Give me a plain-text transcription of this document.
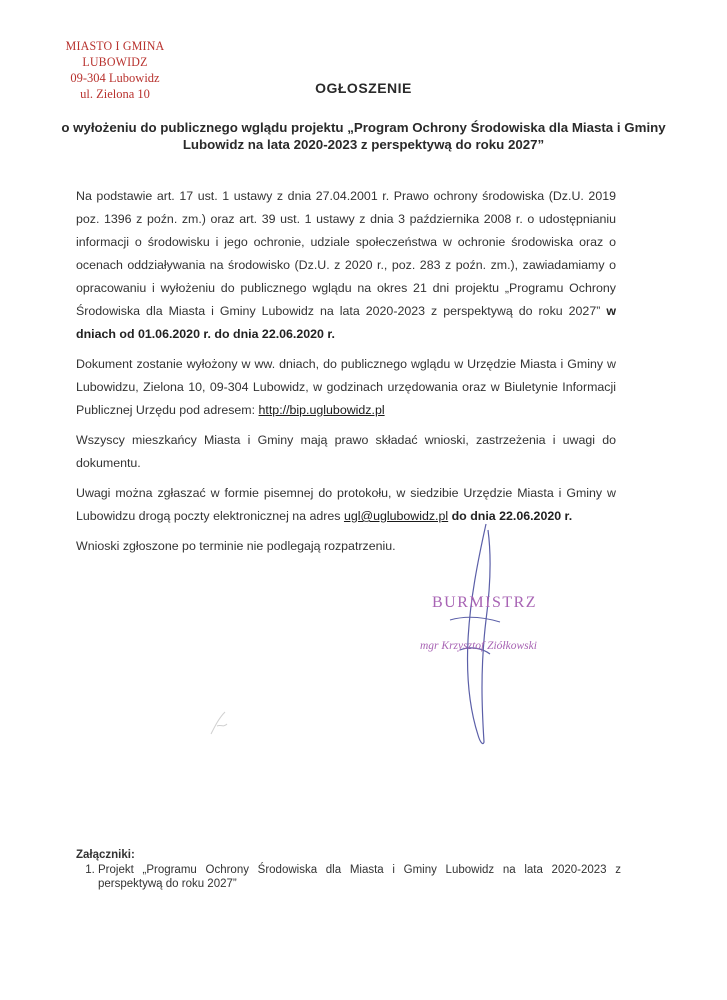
MIASTO I GMINA LUBOWIDZ
09-304 Lubowidz
ul. Zielona 10	OGŁOSZENIE
o wyłożeniu do publicznego wglądu projektu „Program Ochrony Środowiska dla Miasta i Gminy Lubowidz na lata 2020-2023 z perspektywą do roku 2027”

Na podstawie art. 17 ust. 1 ustawy z dnia 27.04.2001 r. Prawo ochrony środowiska (Dz.U. 2019 poz. 1396 z poźn. zm.) oraz art. 39 ust. 1 ustawy z dnia 3 października 2008 r. o udostępnianiu informacji o środowisku i jego ochronie, udziale społeczeństwa w ochronie środowiska oraz o ocenach oddziaływania na środowisko (Dz.U. z 2020 r., poz. 283 z poźn. zm.), zawiadamiamy o opracowaniu i wyłożeniu do publicznego wglądu na okres 21 dni projektu „Programu Ochrony Środowiska dla Miasta i Gminy Lubowidz na lata 2020-2023 z perspektywą do roku 2027” w dniach od 01.06.2020 r. do dnia 22.06.2020 r.

Dokument zostanie wyłożony w ww. dniach, do publicznego wglądu w Urzędzie Miasta i Gminy w Lubowidzu, Zielona 10, 09-304 Lubowidz, w godzinach urzędowania oraz w Biuletynie Informacji Publicznej Urzędu pod adresem: http://bip.uglubowidz.pl

Wszyscy mieszkańcy Miasta i Gminy mają prawo składać wnioski, zastrzeżenia i uwagi do dokumentu.

Uwagi można zgłaszać w formie pisemnej do protokołu, w siedzibie Urzędzie Miasta i Gminy w Lubowidzu drogą poczty elektronicznej na adres ugl@uglubowidz.pl do dnia 22.06.2020 r.

Wnioski zgłoszone po terminie nie podlegają rozpatrzeniu.

BURMISTRZ
mgr Krzysztof Ziółkowski
Załączniki:
1. Projekt „Programu Ochrony Środowiska dla Miasta i Gminy Lubowidz na lata 2020-2023 z perspektywą do roku 2027”
